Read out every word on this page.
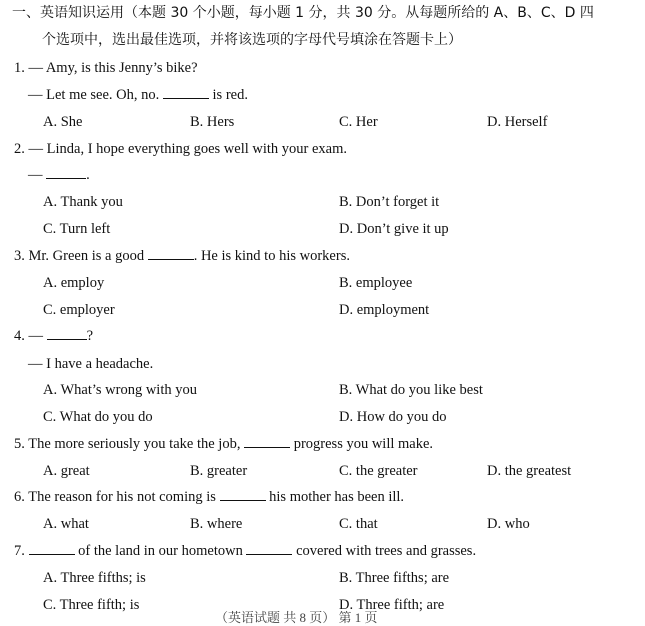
一、英语知识运用（本题 30 个小题，每小题 1 分，共 30 分。从每题所给的 A、B、C、D 四
个选项中，选出最佳选项，并将该选项的字母代号填涂在答题卡上）
1. — Amy, is this Jenny’s bike?
— Let me see. Oh, no.	is red.
A. She	B. Hers	C. Her	D. Herself
2. — Linda, I hope everything goes well with your exam.
—	.
A. Thank you	B. Don’t forget it
C. Turn left	D. Don’t give it up
3. Mr. Green is a good	. He is kind to his workers.
A. employ	B. employee
C. employer	D. employment
4. —	?
— I have a headache.
A. What’s wrong with you	B. What do you like best
C. What do you do	D. How do you do
5. The more seriously you take the job,	progress you will make.
A. great	B. greater	C. the greater	D. the greatest
6. The reason for his not coming is	his mother has been ill.
A. what	B. where	C. that	D. who
7.	of the land in our hometown	covered with trees and grasses.
A. Three fifths; is	B. Three fifths; are
C. Three fifth; is	D. Three fifth; are
（英语试题 共 8 页） 第 1 页
